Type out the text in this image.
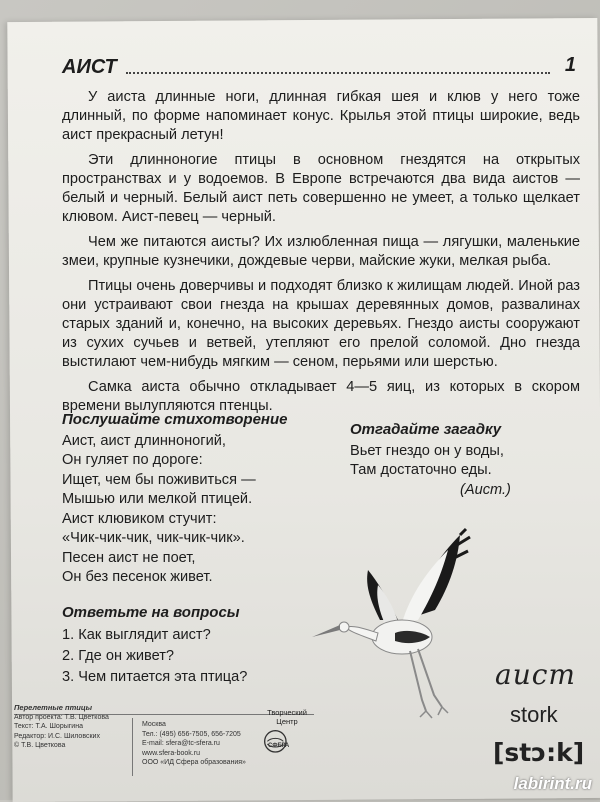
АИСТ	1

У аиста длинные ноги, длинная гибкая шея и клюв у него тоже длинный, по форме напоминает конус. Крылья этой птицы широкие, ведь аист прекрасный летун!

Эти длинноногие птицы в основном гнездятся на открытых пространствах и у водоемов. В Европе встречаются два вида аистов — белый и черный. Белый аист петь совершенно не умеет, а только щелкает клювом. Аист-певец — черный.

Чем же питаются аисты? Их излюбленная пища — лягушки, маленькие змеи, крупные кузнечики, дождевые черви, майские жуки, мелкая рыба.

Птицы очень доверчивы и подходят близко к жилищам людей. Иной раз они устраивают свои гнезда на крышах деревянных домов, развалинах старых зданий и, конечно, на высоких деревьях. Гнездо аисты сооружают из сухих сучьев и ветвей, утепляют его прелой соломой. Дно гнезда выстилают чем-нибудь мягким — сеном, перьями или шерстью.

Самка аиста обычно откладывает 4—5 яиц, из которых в скором времени вылупляются птенцы.

Послушайте стихотворение
Аист, аист длинноногий,
Он гуляет по дороге:
Ищет, чем бы поживиться —
Мышью или мелкой птицей.
Аист клювиком стучит:
«Чик-чик-чик, чик-чик-чик».
Песен аист не поет,
Он без песенок живет.
Отгадайте загадку
Вьет гнездо он у воды,
Там достаточно еды.
(Аист.)
Ответьте на вопросы
1. Как выглядит аист?
2. Где он живет?
3. Чем питается эта птица?	аист
stork
[stɔ:k]
Перелетные птицы
Автор проекта: Т.В. Цветкова
Текст: Т.А. Шорыгина
Редактор: И.С. Шиловских
© Т.В. Цветкова
Москва
Тел.: (495) 656-7505, 656-7205
E-mail: sfera@tc-sfera.ru
www.sfera-book.ru
ООО «ИД Сфера образования»
Творческий Центр
СФЕРА
labirint.ru
